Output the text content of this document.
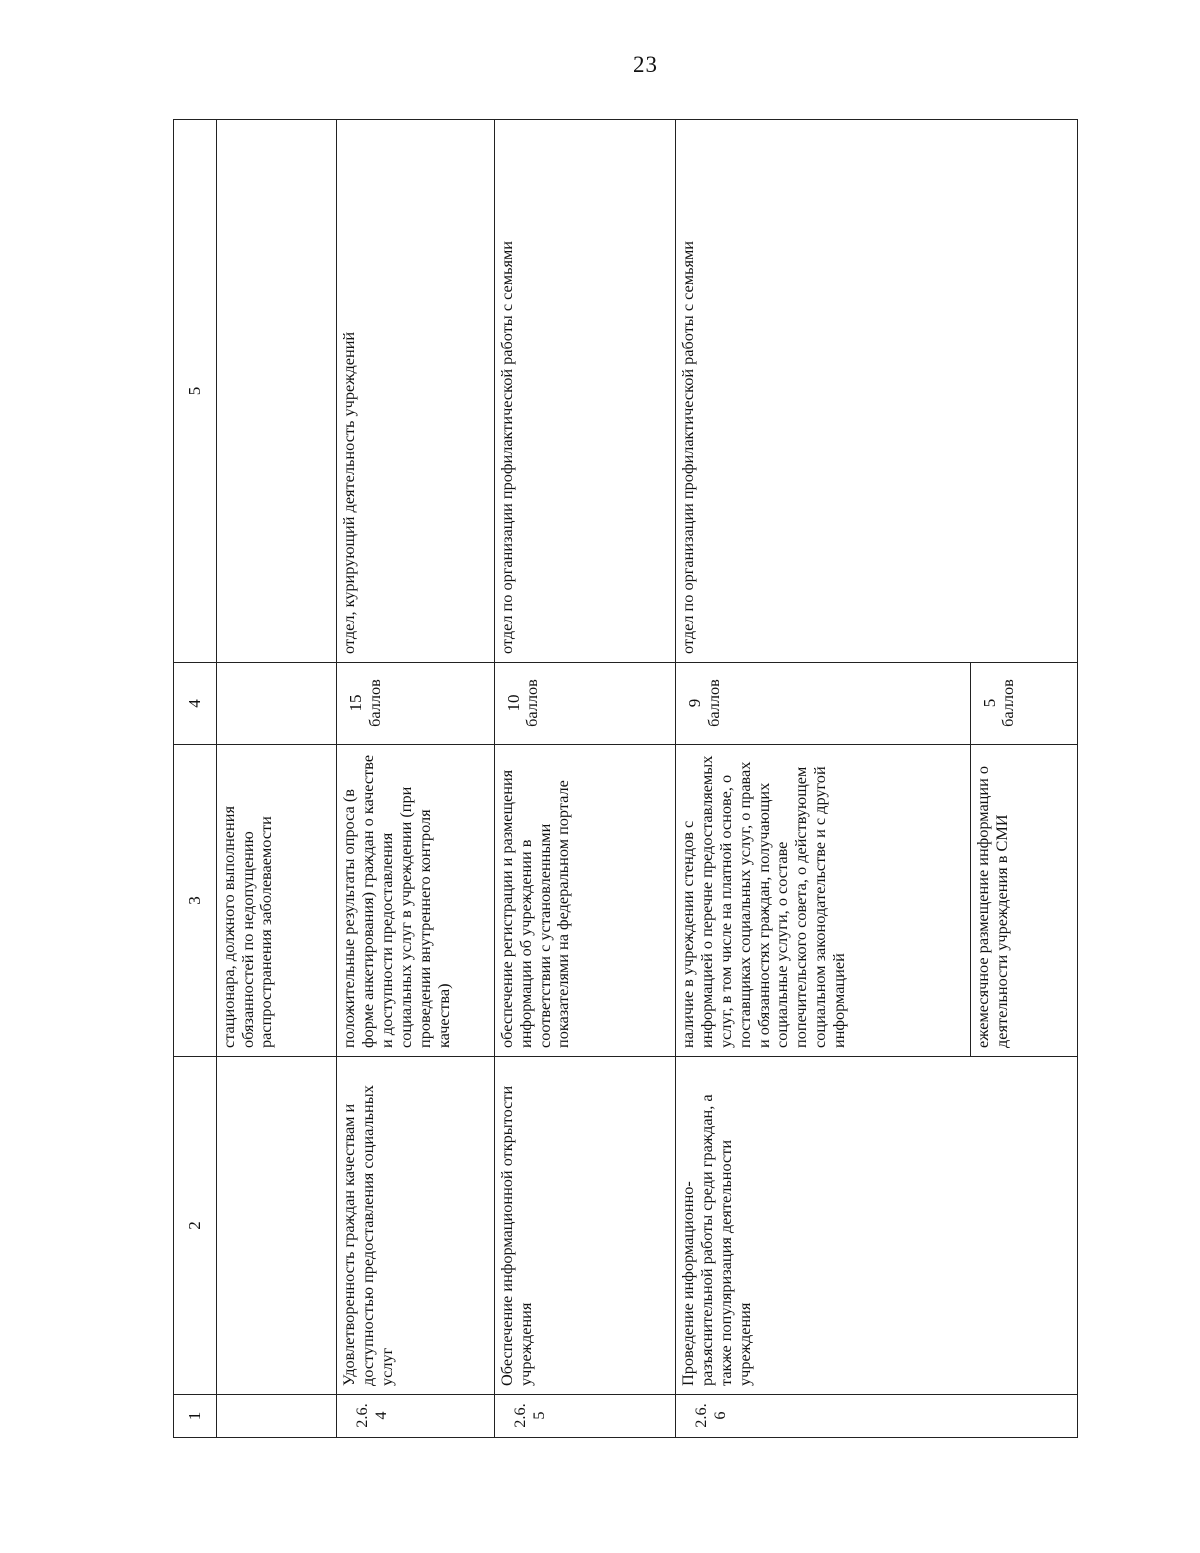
23
1	2	3	4	5
		стационара, должного выполнения обязанностей по недопущению распространения заболеваемости		
2.6.4	Удовлетворенность граждан качествам и доступностью предоставления социальных услуг	положительные результаты опроса (в форме анкетирования) граждан о качестве и доступности предоставления социальных услуг в учреждении (при проведении внутреннего контроля качества)	15 баллов	отдел, курирующий деятельность учреждений
2.6.5	Обеспечение информационной открытости учреждения	обеспечение регистрации и размещения информации об учреждении в соответствии с установленными показателями на федеральном портале	10 баллов	отдел по организации профилактической работы с семьями
2.6.6	Проведение информационно-разъяснительной работы среди граждан, а также популяризация деятельности учреждения	наличие в учреждении стендов с информацией о перечне предоставляемых услуг, в том числе на платной основе, о поставщиках социальных услуг, о правах и обязанностях граждан, получающих социальные услуги, о составе попечительского совета, о действующем социальном законодательстве и с другой информацией	9 баллов	отдел по организации профилактической работы с семьями
		ежемесячное размещение информации о деятельности учреждения в СМИ	5 баллов	
